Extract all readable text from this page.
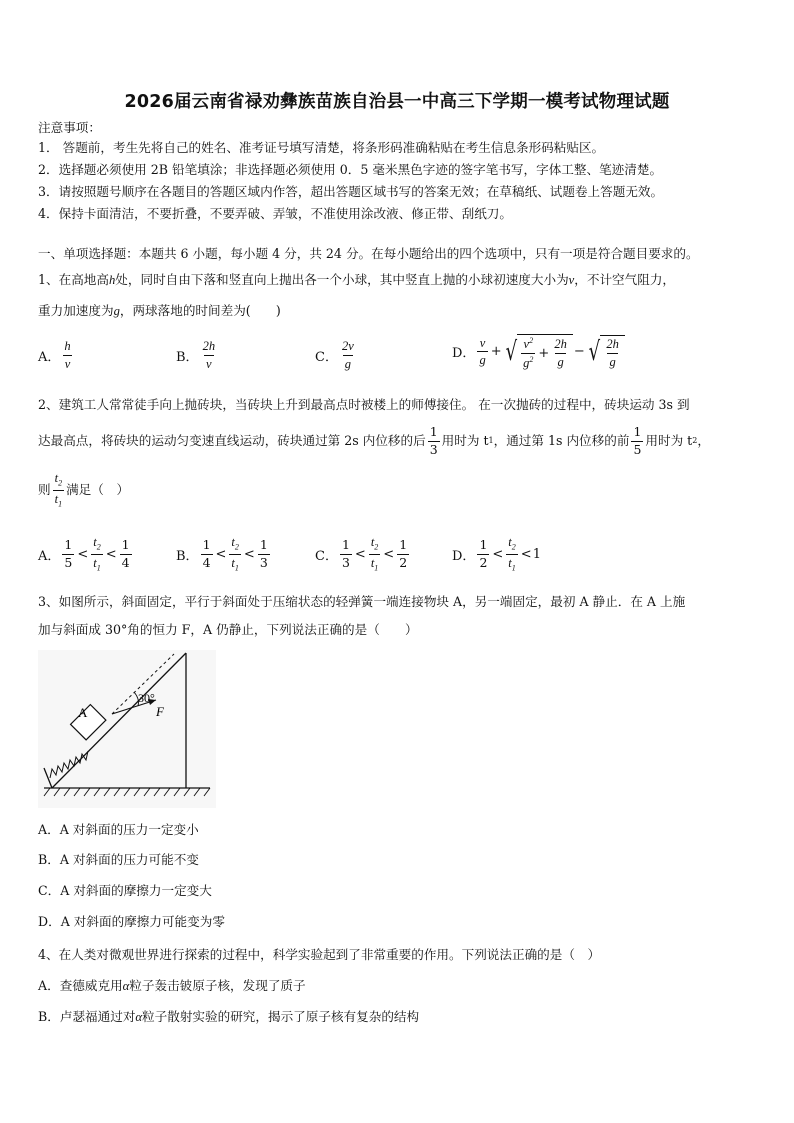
2026届云南省禄劝彝族苗族自治县一中高三下学期一模考试物理试题
注意事项：
1． 答题前，考生先将自己的姓名、准考证号填写清楚，将条形码准确粘贴在考生信息条形码粘贴区。
2．选择题必须使用 2B 铅笔填涂；非选择题必须使用 0．5 毫米黑色字迹的签字笔书写，字体工整、笔迹清楚。
3．请按照题号顺序在各题目的答题区域内作答，超出答题区域书写的答案无效；在草稿纸、试题卷上答题无效。
4．保持卡面清洁，不要折叠，不要弄破、弄皱，不准使用涂改液、修正带、刮纸刀。
一、单项选择题：本题共 6 小题，每小题 4 分，共 24 分。在每小题给出的四个选项中，只有一项是符合题目要求的。
1、在高地高h处，同时自由下落和竖直向上抛出各一个小球，其中竖直上抛的小球初速度大小为v，不计空气阻力，
重力加速度为g，两球落地的时间差为(　　)
A． $\frac{h}{v}$	B． $\frac{2h}{v}$	C． $\frac{2v}{g}$	D． $\frac{v}{g}$ + √ $\frac{v^2}{g^2} + \frac{2h}{g}$ − √ $\frac{2h}{g}$
2、建筑工人常常徒手向上抛砖块，当砖块上升到最高点时被楼上的师傅接住。 在一次抛砖的过程中，砖块运动 3s 到
达最高点，将砖块的运动匀变速直线运动，砖块通过第 2s 内位移的后 $\frac{1}{3}$ 用时为 t 1 ，通过第 1s 内位移的前 $\frac{1}{5}$ 用时为 t 2 ，
则 $\frac{t_2}{t_1}$ 满足（　）
A． $\frac{1}{5} < \frac{t_2}{t_1} < \frac{1}{4}$	B． $\frac{1}{4} < \frac{t_2}{t_1} < \frac{1}{3}$	C． $\frac{1}{3} < \frac{t_2}{t_1} < \frac{1}{2}$	D． $\frac{1}{2} < \frac{t_2}{t_1} < 1$
3、如图所示，斜面固定，平行于斜面处于压缩状态的轻弹簧一端连接物块 A，另一端固定，最初 A 静止．在 A 上施
加与斜面成 30°角的恒力 F，A 仍静止，下列说法正确的是（　　）
A
30°
F
A．A 对斜面的压力一定变小
B．A 对斜面的压力可能不变
C．A 对斜面的摩擦力一定变大
D．A 对斜面的摩擦力可能变为零
4、在人类对微观世界进行探索的过程中，科学实验起到了非常重要的作用。下列说法正确的是（　）
A．查德威克用α粒子轰击铍原子核，发现了质子
B．卢瑟福通过对α粒子散射实验的研究，揭示了原子核有复杂的结构
